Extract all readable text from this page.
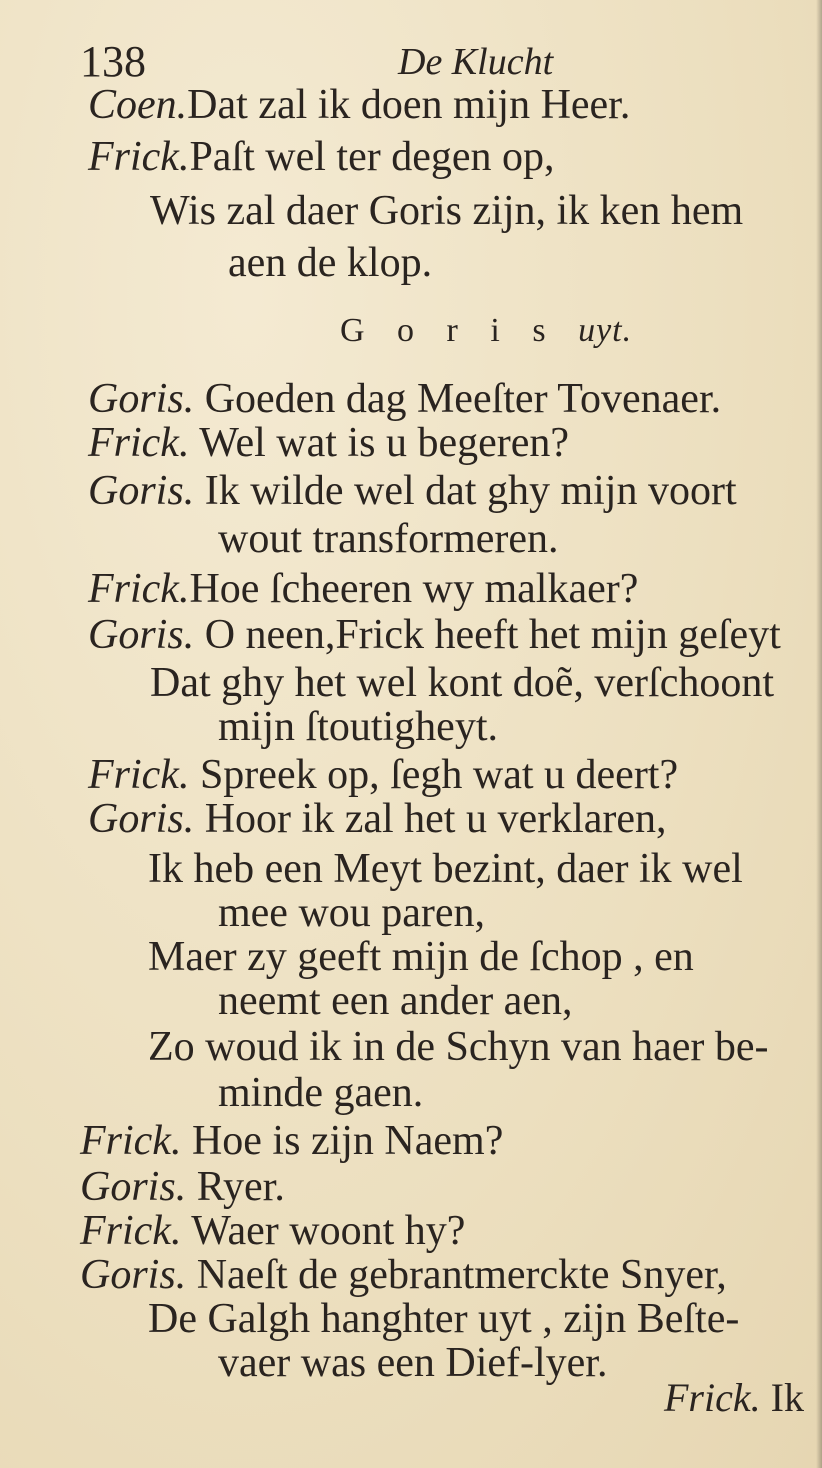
138	De Klucht
Coen.Dat zal ik doen mijn Heer.
Frick.Paſt wel ter degen op,
Wis zal daer Goris zijn, ik ken hem
aen de klop.
G o r i s uyt.
Goris. Goeden dag Meeſter Tovenaer.
Frick. Wel wat is u begeren?
Goris. Ik wilde wel dat ghy mijn voort
wout transformeren.
Frick.Hoe ſcheeren wy malkaer?
Goris. O neen,Frick heeft het mijn geſeyt
Dat ghy het wel kont doẽ, verſchoont
mijn ſtoutigheyt.
Frick. Spreek op, ſegh wat u deert?
Goris. Hoor ik zal het u verklaren,
Ik heb een Meyt bezint, daer ik wel
mee wou paren,
Maer zy geeft mijn de ſchop , en
neemt een ander aen,
Zo woud ik in de Schyn van haer be-
minde gaen.
Frick. Hoe is zijn Naem?
Goris. Ryer.
Frick. Waer woont hy?
Goris. Naeſt de gebrantmerckte Snyer,
De Galgh hanghter uyt , zijn Beſte-
vaer was een Dief-lyer.
Frick. Ik
